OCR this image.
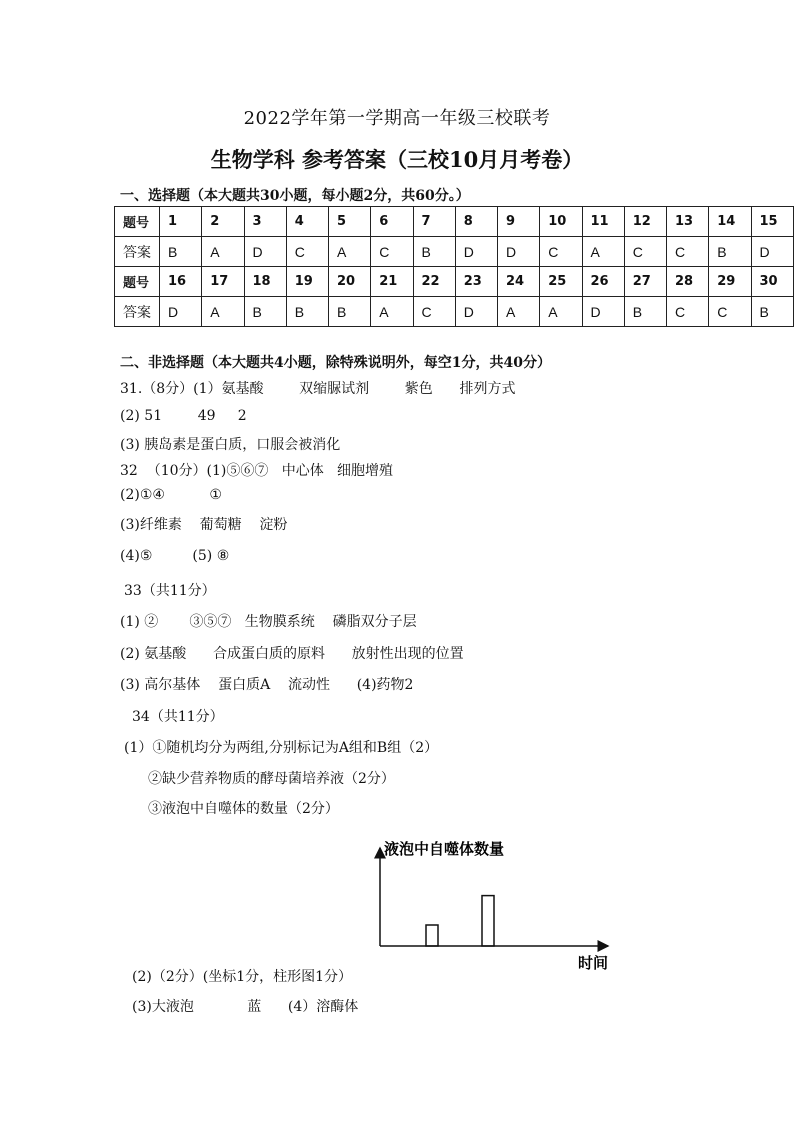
2022学年第一学期高一年级三校联考
生物学科 参考答案（三校10月月考卷）
一、选择题（本大题共30小题，每小题2分，共60分。）
题号	1	2	3	4	5	6	7	8	9	10	11	12	13	14	15
答案	B	A	D	C	A	C	B	D	D	C	A	C	C	B	D
题号	16	17	18	19	20	21	22	23	24	25	26	27	28	29	30
答案	D	A	B	B	B	A	C	D	A	A	D	B	C	C	B
二、非选择题（本大题共4小题，除特殊说明外，每空1分，共40分）
31.（8分）(1）氨基酸        双缩脲试剂        紫色      排列方式
(2) 51        49     2
(3) 胰岛素是蛋白质，口服会被消化
32  （10分）(1)⑤⑥⑦   中心体   细胞增殖
(2)①④          ①
(3)纤维素    葡萄糖    淀粉
(4)⑤         (5) ⑧
33（共11分）
(1) ②       ③⑤⑦   生物膜系统    磷脂双分子层
(2) 氨基酸      合成蛋白质的原料      放射性出现的位置
(3) 高尔基体    蛋白质A    流动性      (4)药物2
34（共11分）
(1）①随机均分为两组,分别标记为A组和B组（2）
②缺少营养物质的酵母菌培养液（2分）
③液泡中自噬体的数量（2分）
液泡中自噬体数量
时间
(2)（2分）(坐标1分，柱形图1分）
(3)大液泡            蓝      (4）溶酶体
